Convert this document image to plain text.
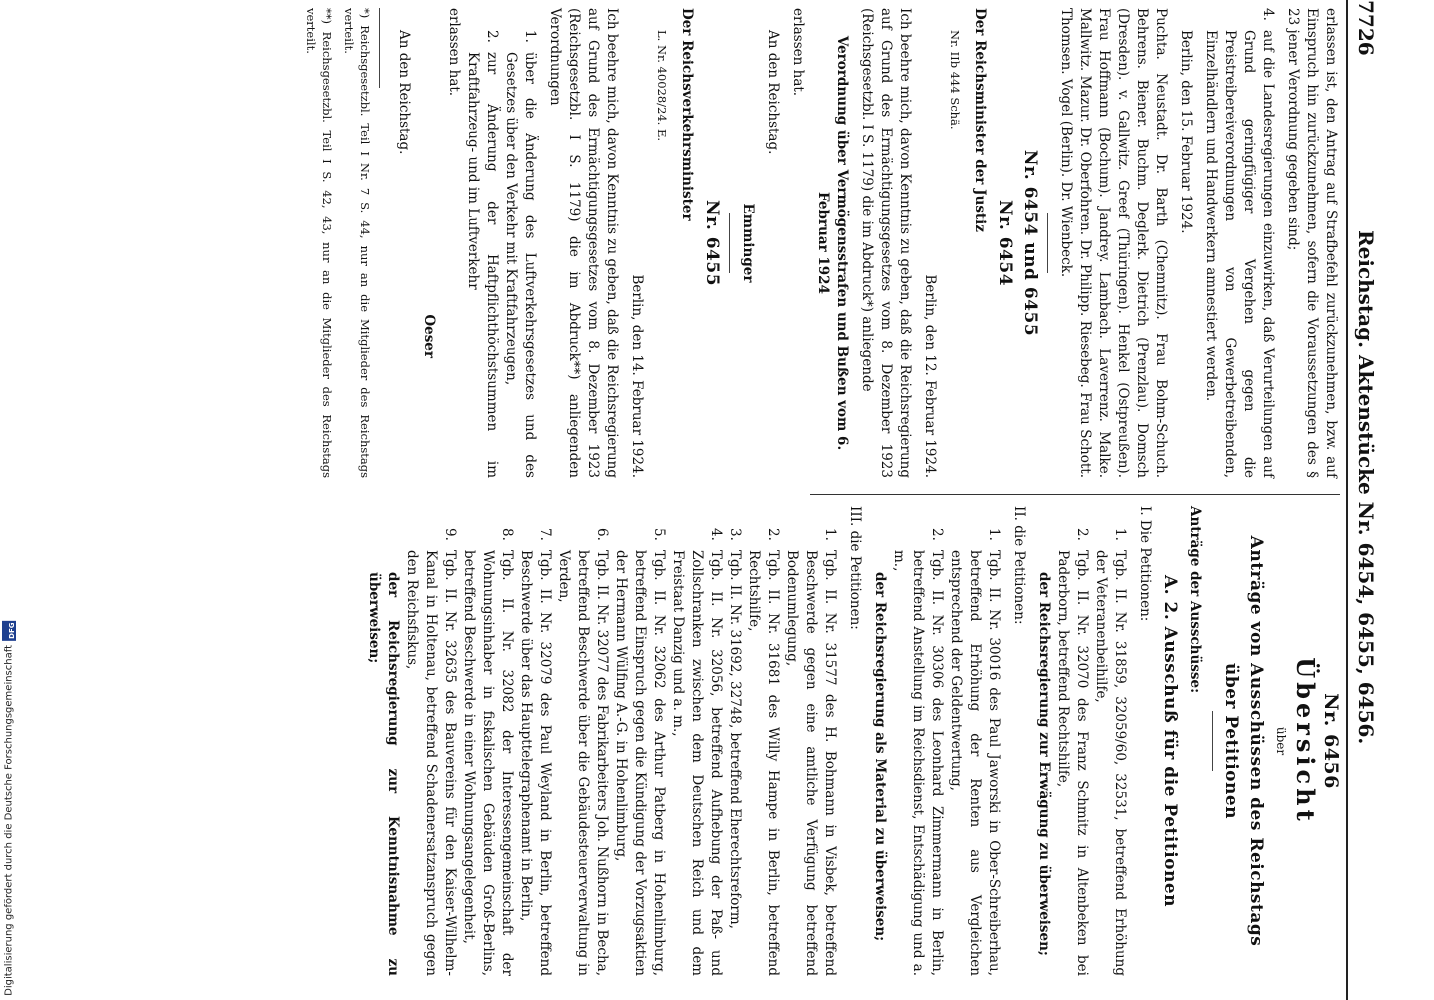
7726
Reichstag. Aktenstücke Nr. 6454, 6455, 6456.

erlassen ist, den Antrag auf Strafbefehl zurückzunehmen, bzw. auf Einspruch hin zurückzunehmen, sofern die Voraussetzungen des § 23 jener Verordnung gegeben sind;

4.
auf die Landesregierungen einzuwirken, daß Verurteilungen auf Grund geringfügiger Vergehen gegen die Preistreibereiverordnungen von Gewerbetreibenden, Einzelhändlern und Handwerkern amnestiert werden.

Berlin, den 15. Februar 1924.

Puchta. Neustadt. Dr. Barth (Chemnitz). Frau Bohm-Schuch. Behrens. Biener. Buchm. Deglerk. Dietrich (Prenzlau). Domsch (Dresden). v. Gallwitz. Greef (Thüringen). Henkel (Ostpreußen). Frau Hoffmann (Bochum). Jandrey. Lambach. Laverrenz. Malke. Mallwitz. Mazur. Dr. Oberfohren. Dr. Philipp. Riesebeg. Frau Schott. Thomsen. Vogel (Berlin). Dr. Wienbeck.

Nr. 6454 und 6455

Nr. 6454

Der Reichsminister der Justiz

Nr. IIb 444 Schä.

Berlin, den 12. Februar 1924.

Ich beehre mich, davon Kenntnis zu geben, daß die Reichsregierung auf Grund des Ermächtigungsgesetzes vom 8. Dezember 1923 (Reichsgesetzbl. I S. 1179) die im Abdruck*) anliegende

Verordnung über Vermögensstrafen und Bußen vom 6. Februar 1924

erlassen hat.

An den Reichstag.

Emminger

Nr. 6455

Der Reichsverkehrsminister

L. Nr. 40028/24. E.

Berlin, den 14. Februar 1924.

Ich beehre mich, davon Kenntnis zu geben, daß die Reichsregierung auf Grund des Ermächtigungsgesetzes vom 8. Dezember 1923 (Reichsgesetzbl. I S. 1179) die im Abdruck**) anliegenden Verordnungen

1.
über die Änderung des Luftverkehrsgesetzes und des Gesetzes über den Verkehr mit Kraftfahrzeugen,
2.
zur Änderung der Haftpflichthöchstsummen im Kraftfahrzeug- und im Luftverkehr

erlassen hat.

Oeser

An den Reichstag.

*) Reichsgesetzbl. Teil I Nr. 7 S. 44, nur an die Mitglieder des Reichstags verteilt.

**) Reichsgesetzbl. Teil I S. 42, 43, nur an die Mitglieder des Reichstags verteilt.

Nr. 6456

Übersicht

über

Anträge von Ausschüssen des Reichstags

über Petitionen

Anträge der Ausschüsse:

A. 2. Ausschuß für die Petitionen

I. Die Petitionen:

1.
Tgb. II. Nr. 31859, 32059/60, 32531, betreffend Erhöhung der Veteranenbeihilfe,
2.
Tgb. II. Nr. 32070 des Franz Schmitz in Altenbeken bei Paderborn, betreffend Rechtshilfe,

der Reichsregierung zur Erwägung zu überweisen;

II. die Petitionen:

1.
Tgb. II. Nr. 30016 des Paul Jaworski in Ober-Schreiberhau, betreffend Erhöhung der Renten aus Vergleichen entsprechend der Geldentwertung,
2.
Tgb. II. Nr. 30306 des Leonhard Zimmermann in Berlin, betreffend Anstellung im Reichsdienst, Entschädigung und a. m.,

der Reichsregierung als Material zu überweisen;

III. die Petitionen:

1.
Tgb. II. Nr. 31577 des H. Bohmann in Visbek, betreffend Beschwerde gegen eine amtliche Verfügung betreffend Bodenumlegung,
2.
Tgb. II. Nr. 31681 des Willy Hampe in Berlin, betreffend Rechtshilfe,
3.
Tgb. II. Nr. 31692, 32748, betreffend Eherechtsreform,
4.
Tgb. II. Nr. 32056, betreffend Aufhebung der Paß- und Zollschranken zwischen dem Deutschen Reich und dem Freistaat Danzig und a. m.,
5.
Tgb. II. Nr. 32062 des Arthur Patberg in Hohenlimburg, betreffend Einspruch gegen die Kündigung der Vorzugsaktien der Hermann Wülfing A.-G. in Hohenlimburg,
6.
Tgb. II. Nr. 32077 des Fabrikarbeiters Joh. Nußhorn in Becha, betreffend Beschwerde über die Gebäudesteuerverwaltung in Verden,
7.
Tgb. II. Nr. 32079 des Paul Weyland in Berlin, betreffend Beschwerde über das Haupttelegraphenamt in Berlin,
8.
Tgb. II. Nr. 32082 der Interessengemeinschaft der Wohnungsinhaber in fiskalischen Gebäuden Groß-Berlins, betreffend Beschwerde in einer Wohnungsangelegenheit,
9.
Tgb. II. Nr. 32635 des Bauvereins für den Kaiser-Wilhelm-Kanal in Holtenau, betreffend Schadenersatzanspruch gegen den Reichsfiskus,

der Reichsregierung zur Kenntnisnahme zu überweisen;

Digitalisierung gefördert durch die Deutsche Forschungsgemeinschaft
DFG
